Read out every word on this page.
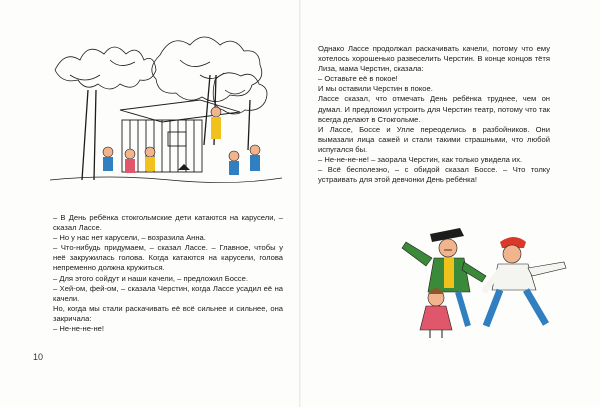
– В День ребёнка стокгольмские дети катаются на карусели, – сказал Лассе.

– Но у нас нет карусели, – возразила Анна.

– Что-нибудь придумаем, – сказал Лассе. – Главное, чтобы у неё закружилась голова. Когда катаются на карусели, голова непременно должна кружиться.

– Для этого сойдут и наши качели, – предложил Боссе.

– Хей-ом, фей-ом, – сказала Черстин, когда Лассе усадил её на качели.

Но, когда мы стали раскачивать её всё сильнее и сильнее, она закричала:

– Не-не-не-не!

10

Однако Лассе продолжал раскачивать качели, потому что ему хотелось хорошенько развеселить Черстин. В конце концов тётя Лиза, мама Черстин, сказала:

– Оставьте её в покое!

И мы оставили Черстин в покое.

Лассе сказал, что отмечать День ребёнка труднее, чем он думал. И предложил устроить для Черстин театр, потому что так всегда делают в Стокгольме.

И Лассе, Боссе и Улле переоделись в разбойников. Они вымазали лица сажей и стали такими страшными, что любой испугался бы.

– Не-не-не-не! – заорала Черстин, как только увидела их.

– Всё бесполезно, – с обидой сказал Боссе. – Что толку устраивать для этой девчонки День ребёнка!
